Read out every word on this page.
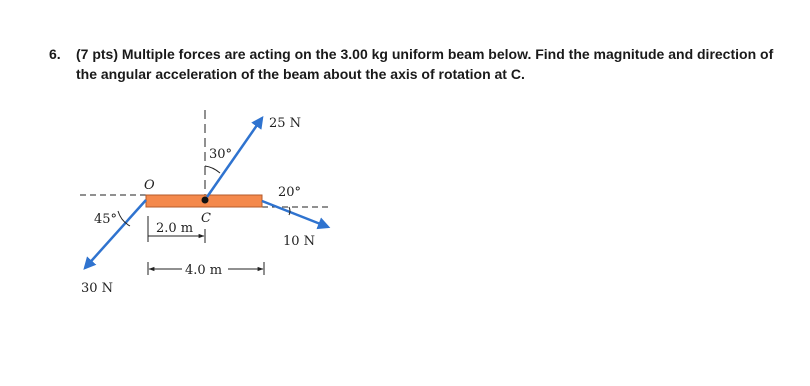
6. (7 pts) Multiple forces are acting on the 3.00 kg uniform beam below. Find the magnitude and direction of the angular acceleration of the beam about the axis of rotation at C.
25 N
30°
O	20°
45°	C
2.0 m
10 N
4.0 m
30 N
